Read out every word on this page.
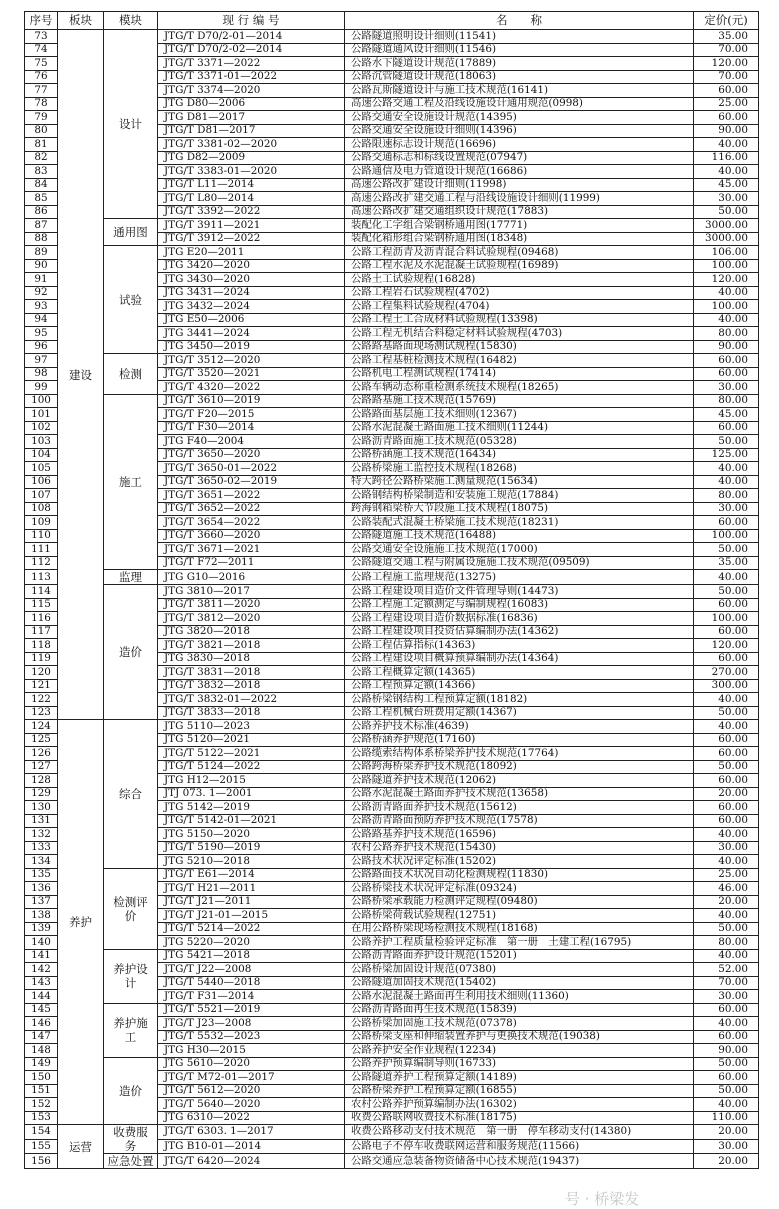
序号	板块	模块	现 行 编 号	名　　称	定价(元)
73	建设	设计	JTG/T D70/2-01—2014	公路隧道照明设计细则(11541)	35.00
74			JTG/T D70/2-02—2014	公路隧道通风设计细则(11546)	70.00
75			JTG/T 3371—2022	公路水下隧道设计规范(17889)	120.00
76			JTG/T 3371-01—2022	公路沉管隧道设计规范(18063)	70.00
77			JTG/T 3374—2020	公路瓦斯隧道设计与施工技术规范(16141)	60.00
78			JTG D80—2006	高速公路交通工程及沿线设施设计通用规范(0998)	25.00
79			JTG D81—2017	公路交通安全设施设计规范(14395)	60.00
80			JTG/T D81—2017	公路交通安全设施设计细则(14396)	90.00
81			JTG/T 3381-02—2020	公路限速标志设计规范(16696)	40.00
82			JTG D82—2009	公路交通标志和标线设置规范(07947)	116.00
83			JTG/T 3383-01—2020	公路通信及电力管道设计规范(16686)	40.00
84			JTG/T L11—2014	高速公路改扩建设计细则(11998)	45.00
85			JTG/T L80—2014	高速公路改扩建交通工程与沿线设施设计细则(11999)	30.00
86			JTG/T 3392—2022	高速公路改扩建交通组织设计规范(17883)	50.00
87		通用图	JTG/T 3911—2021	装配化工字组合梁钢桥通用图(17771)	3000.00
88			JTG/T 3912—2022	装配化箱形组合梁钢桥通用图(18348)	3000.00
89		试验	JTG E20—2011	公路工程沥青及沥青混合料试验规程(09468)	106.00
90			JTG 3420—2020	公路工程水泥及水泥混凝土试验规程(16989)	100.00
91			JTG 3430—2020	公路土工试验规程(16828)	120.00
92			JTG 3431—2024	公路工程岩石试验规程(4702)	40.00
93			JTG 3432—2024	公路工程集料试验规程(4704)	100.00
94			JTG E50—2006	公路工程土工合成材料试验规程(13398)	40.00
95			JTG 3441—2024	公路工程无机结合料稳定材料试验规程(4703)	80.00
96			JTG 3450—2019	公路路基路面现场测试规程(15830)	90.00
97		检测	JTG/T 3512—2020	公路工程基桩检测技术规程(16482)	60.00
98			JTG/T 3520—2021	公路机电工程测试规程(17414)	60.00
99			JTG/T 4320—2022	公路车辆动态称重检测系统技术规程(18265)	30.00
100		施工	JTG/T 3610—2019	公路路基施工技术规范(15769)	80.00
101			JTG/T F20—2015	公路路面基层施工技术细则(12367)	45.00
102			JTG/T F30—2014	公路水泥混凝土路面施工技术细则(11244)	60.00
103			JTG F40—2004	公路沥青路面施工技术规范(05328)	50.00
104			JTG/T 3650—2020	公路桥涵施工技术规范(16434)	125.00
105			JTG/T 3650-01—2022	公路桥梁施工监控技术规程(18268)	40.00
106			JTG/T 3650-02—2019	特大跨径公路桥梁施工测量规范(15634)	40.00
107			JTG/T 3651—2022	公路钢结构桥梁制造和安装施工规范(17884)	80.00
108			JTG/T 3652—2022	跨海钢箱梁桥大节段施工技术规程(18075)	30.00
109			JTG/T 3654—2022	公路装配式混凝土桥梁施工技术规范(18231)	60.00
110			JTG/T 3660—2020	公路隧道施工技术规范(16488)	100.00
111			JTG/T 3671—2021	公路交通安全设施施工技术规范(17000)	50.00
112			JTG/T F72—2011	公路隧道交通工程与附属设施施工技术规范(09509)	35.00
113		监理	JTG G10—2016	公路工程施工监理规范(13275)	40.00
114		造价	JTG 3810—2017	公路工程建设项目造价文件管理导则(14473)	50.00
115			JTG/T 3811—2020	公路工程施工定额测定与编制规程(16083)	60.00
116			JTG/T 3812—2020	公路工程建设项目造价数据标准(16836)	100.00
117			JTG 3820—2018	公路工程建设项目投资估算编制办法(14362)	60.00
118			JTG/T 3821—2018	公路工程估算指标(14363)	120.00
119			JTG 3830—2018	公路工程建设项目概算预算编制办法(14364)	60.00
120			JTG/T 3831—2018	公路工程概算定额(14365)	270.00
121			JTG/T 3832—2018	公路工程预算定额(14366)	300.00
122			JTG/T 3832-01—2022	公路桥梁钢结构工程预算定额(18182)	40.00
123			JTG/T 3833—2018	公路工程机械台班费用定额(14367)	50.00
124	养护	综合	JTG 5110—2023	公路养护技术标准(4639)	40.00
125			JTG 5120—2021	公路桥涵养护规范(17160)	60.00
126			JTG/T 5122—2021	公路缆索结构体系桥梁养护技术规范(17764)	60.00
127			JTG/T 5124—2022	公路跨海桥梁养护技术规范(18092)	50.00
128			JTG H12—2015	公路隧道养护技术规范(12062)	60.00
129			JTJ 073. 1—2001	公路水泥混凝土路面养护技术规范(13658)	20.00
130			JTG 5142—2019	公路沥青路面养护技术规范(15612)	60.00
131			JTG/T 5142-01—2021	公路沥青路面预防养护技术规范(17578)	60.00
132			JTG 5150—2020	公路路基养护技术规范(16596)	40.00
133			JTG/T 5190—2019	农村公路养护技术规范(15430)	30.00
134			JTG 5210—2018	公路技术状况评定标准(15202)	40.00
135		检测评价	JTG/T E61—2014	公路路面技术状况自动化检测规程(11830)	25.00
136			JTG/T H21—2011	公路桥梁技术状况评定标准(09324)	46.00
137			JTG/T J21—2011	公路桥梁承载能力检测评定规程(09480)	20.00
138			JTG/T J21-01—2015	公路桥梁荷载试验规程(12751)	40.00
139			JTG/T 5214—2022	在用公路桥梁现场检测技术规程(18168)	50.00
140			JTG 5220—2020	公路养护工程质量检验评定标准　第一册　土建工程(16795)	80.00
141		养护设计	JTG 5421—2018	公路沥青路面养护设计规范(15201)	40.00
142			JTG/T J22—2008	公路桥梁加固设计规范(07380)	52.00
143			JTG/T 5440—2018	公路隧道加固技术规范(15402)	70.00
144			JTG/T F31—2014	公路水泥混凝土路面再生利用技术细则(11360)	30.00
145		养护施工	JTG/T 5521—2019	公路沥青路面再生技术规范(15839)	60.00
146			JTG/T J23—2008	公路桥梁加固施工技术规范(07378)	40.00
147			JTG/T 5532—2023	公路桥梁支座和伸缩装置养护与更换技术规范(19038)	60.00
148			JTG H30—2015	公路养护安全作业规程(12234)	90.00
149		造价	JTG 5610—2020	公路养护预算编制导则(16733)	50.00
150			JTG/T M72-01—2017	公路隧道养护工程预算定额(14189)	60.00
151			JTG/T 5612—2020	公路桥梁养护工程预算定额(16855)	50.00
152			JTG/T 5640—2020	农村公路养护预算编制办法(16302)	40.00
153			JTG 6310—2022	收费公路联网收费技术标准(18175)	110.00
154	运营	收费服务	JTG/T 6303. 1—2017	收费公路移动支付技术规范　第一册　停车移动支付(14380)	20.00
155			JTG B10-01—2014	公路电子不停车收费联网运营和服务规范(11566)	30.00
156		应急处置	JTG/T 6420—2024	公路交通应急装备物资储备中心技术规范(19437)	20.00
号 · 桥梁发
